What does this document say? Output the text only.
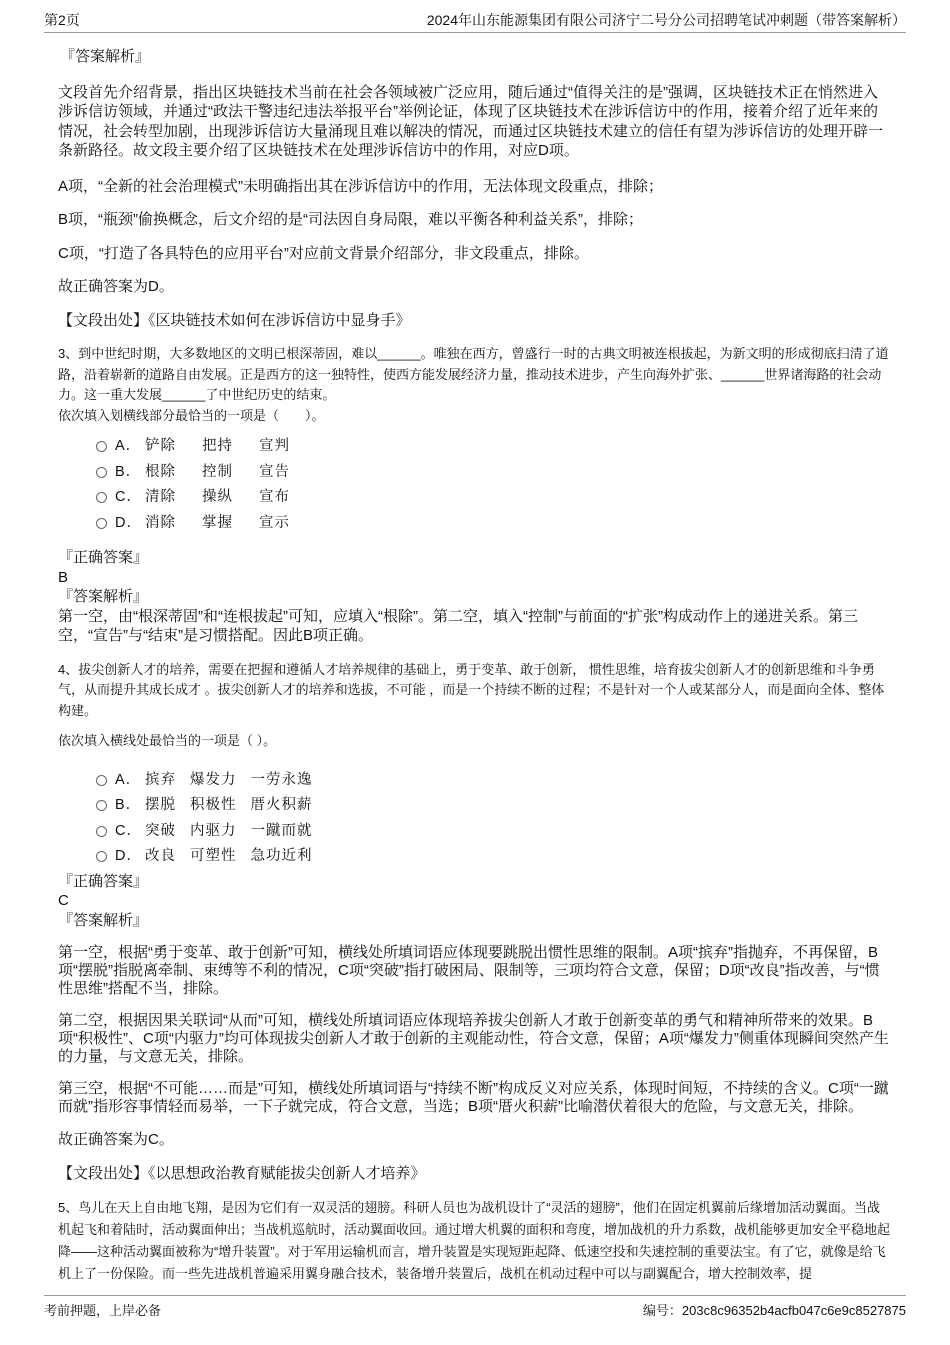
第2页	2024年山东能源集团有限公司济宁二号分公司招聘笔试冲刺题（带答案解析）
『答案解析』
文段首先介绍背景，指出区块链技术当前在社会各领域被广泛应用，随后通过“值得关注的是”强调，区块链技术正在悄然进入涉诉信访领域，并通过“政法干警违纪违法举报平台”举例论证，体现了区块链技术在涉诉信访中的作用，接着介绍了近年来的情况，社会转型加剧，出现涉诉信访大量涌现且难以解决的情况，而通过区块链技术建立的信任有望为涉诉信访的处理开辟一条新路径。故文段主要介绍了区块链技术在处理涉诉信访中的作用，对应D项。
A项，“全新的社会治理模式”未明确指出其在涉诉信访中的作用，无法体现文段重点，排除；
B项，“瓶颈”偷换概念，后文介绍的是“司法因自身局限，难以平衡各种利益关系”，排除；
C项，“打造了各具特色的应用平台”对应前文背景介绍部分，非文段重点，排除。
故正确答案为D。
【文段出处】《区块链技术如何在涉诉信访中显身手》
3、到中世纪时期，大多数地区的文明已根深蒂固，难以______。唯独在西方，曾盛行一时的古典文明被连根拔起，为新文明的形成彻底扫清了道路，沿着崭新的道路自由发展。正是西方的这一独特性，使西方能发展经济力量，推动技术进步，产生向海外扩张、______世界诸海路的社会动力。这一重大发展______了中世纪历史的结束。
依次填入划横线部分最恰当的一项是（　　）。
A． 铲除 把持 宣判
B． 根除 控制 宣告
C． 清除 操纵 宣布
D． 消除 掌握 宣示
『正确答案』
B
『答案解析』
第一空，由“根深蒂固”和“连根拔起”可知，应填入“根除”。第二空，填入“控制”与前面的“扩张”构成动作上的递进关系。第三空，“宣告”与“结束”是习惯搭配。因此B项正确。
4、拔尖创新人才的培养，需要在把握和遵循人才培养规律的基础上，勇于变革、敢于创新， 惯性思维，培育拔尖创新人才的创新思维和斗争勇气，从而提升其成长成才 。拔尖创新人才的培养和选拔，不可能 ，而是一个持续不断的过程；不是针对一个人或某部分人，而是面向全体、整体构建。
依次填入横线处最恰当的一项是（ ）。
A． 摈弃 爆发力 一劳永逸
B． 摆脱 积极性 厝火积薪
C． 突破 内驱力 一蹴而就
D． 改良 可塑性 急功近利
『正确答案』
C
『答案解析』
第一空，根据“勇于变革、敢于创新”可知，横线处所填词语应体现要跳脱出惯性思维的限制。A项“摈弃”指抛弃，不再保留，B项“摆脱”指脱离牵制、束缚等不利的情况，C项“突破”指打破困局、限制等，三项均符合文意，保留；D项“改良”指改善，与“惯性思维”搭配不当，排除。
第二空，根据因果关联词“从而”可知，横线处所填词语应体现培养拔尖创新人才敢于创新变革的勇气和精神所带来的效果。B项“积极性”、C项“内驱力”均可体现拔尖创新人才敢于创新的主观能动性，符合文意，保留；A项“爆发力”侧重体现瞬间突然产生的力量，与文意无关，排除。
第三空，根据“不可能……而是”可知，横线处所填词语与“持续不断”构成反义对应关系，体现时间短，不持续的含义。C项“一蹴而就”指形容事情轻而易举，一下子就完成，符合文意，当选；B项“厝火积薪”比喻潜伏着很大的危险，与文意无关，排除。
故正确答案为C。
【文段出处】《以思想政治教育赋能拔尖创新人才培养》
5、鸟儿在天上自由地飞翔，是因为它们有一双灵活的翅膀。科研人员也为战机设计了“灵活的翅膀”，他们在固定机翼前后缘增加活动翼面。当战机起飞和着陆时，活动翼面伸出；当战机巡航时，活动翼面收回。通过增大机翼的面积和弯度，增加战机的升力系数，战机能够更加安全平稳地起降——这种活动翼面被称为“增升装置”。对于军用运输机而言，增升装置是实现短距起降、低速空投和失速控制的重要法宝。有了它，就像是给飞机上了一份保险。而一些先进战机普遍采用翼身融合技术，装备增升装置后，战机在机动过程中可以与副翼配合，增大控制效率，提
考前押题，上岸必备	编号：203c8c96352b4acfb047c6e9c8527875
